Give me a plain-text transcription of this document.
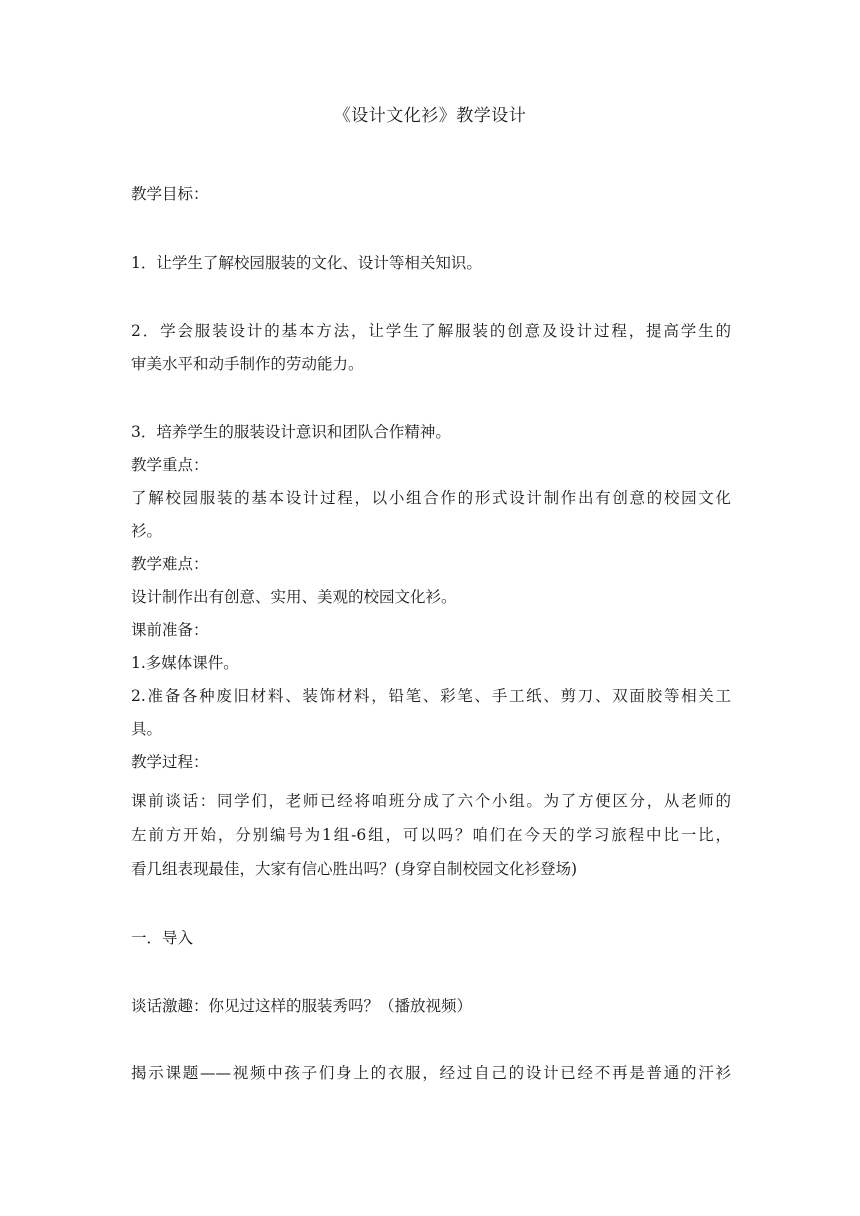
《设计文化衫》教学设计
教学目标：
1．让学生了解校园服装的文化、设计等相关知识。
2．学会服装设计的基本方法，让学生了解服装的创意及设计过程，提高学生的
审美水平和动手制作的劳动能力。
3．培养学生的服装设计意识和团队合作精神。
教学重点：
了解校园服装的基本设计过程，以小组合作的形式设计制作出有创意的校园文化
衫。
教学难点：
设计制作出有创意、实用、美观的校园文化衫。
课前准备：
1.多媒体课件。
2.准备各种废旧材料、装饰材料，铅笔、彩笔、手工纸、剪刀、双面胶等相关工
具。
教学过程：
课前谈话：同学们，老师已经将咱班分成了六个小组。为了方便区分，从老师的
左前方开始，分别编号为1组-6组，可以吗？咱们在今天的学习旅程中比一比，
看几组表现最佳，大家有信心胜出吗？(身穿自制校园文化衫登场)
一．导入
谈话激趣：你见过这样的服装秀吗？（播放视频）
揭示课题——视频中孩子们身上的衣服，经过自己的设计已经不再是普通的汗衫
